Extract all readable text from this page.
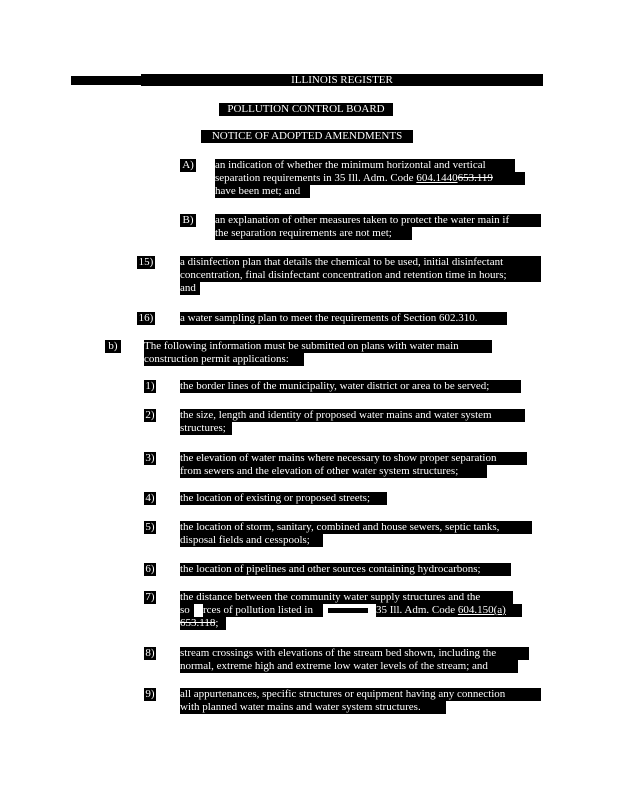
ILLINOIS REGISTER
POLLUTION CONTROL BOARD
NOTICE OF ADOPTED AMENDMENTS
A) an indication of whether the minimum horizontal and vertical
separation requirements in 35 Ill. Adm. Code 604.1440653.119
have been met; and
B) an explanation of other measures taken to protect the water main if
the separation requirements are not met;
15) a disinfection plan that details the chemical to be used, initial disinfectant
concentration, final disinfectant concentration and retention time in hours;
and
16) a water sampling plan to meet the requirements of Section 602.310.
b)	The following information must be submitted on plans with water main
construction permit applications:
1) the border lines of the municipality, water district or area to be served;
2) the size, length and identity of proposed water mains and water system
structures;
3) the elevation of water mains where necessary to show proper separation
from sewers and the elevation of other water system structures;
4) the location of existing or proposed streets;
5) the location of storm, sanitary, combined and house sewers, septic tanks,
disposal fields and cesspools;
6) the location of pipelines and other sources containing hydrocarbons;
7) the distance between the community water supply structures and the
so	rces of pollution listed in	35 Ill. Adm. Code 604.150(a)
653.118;
8) stream crossings with elevations of the stream bed shown, including the
normal, extreme high and extreme low water levels of the stream; and
9) all appurtenances, specific structures or equipment having any connection
with planned water mains and water system structures.
